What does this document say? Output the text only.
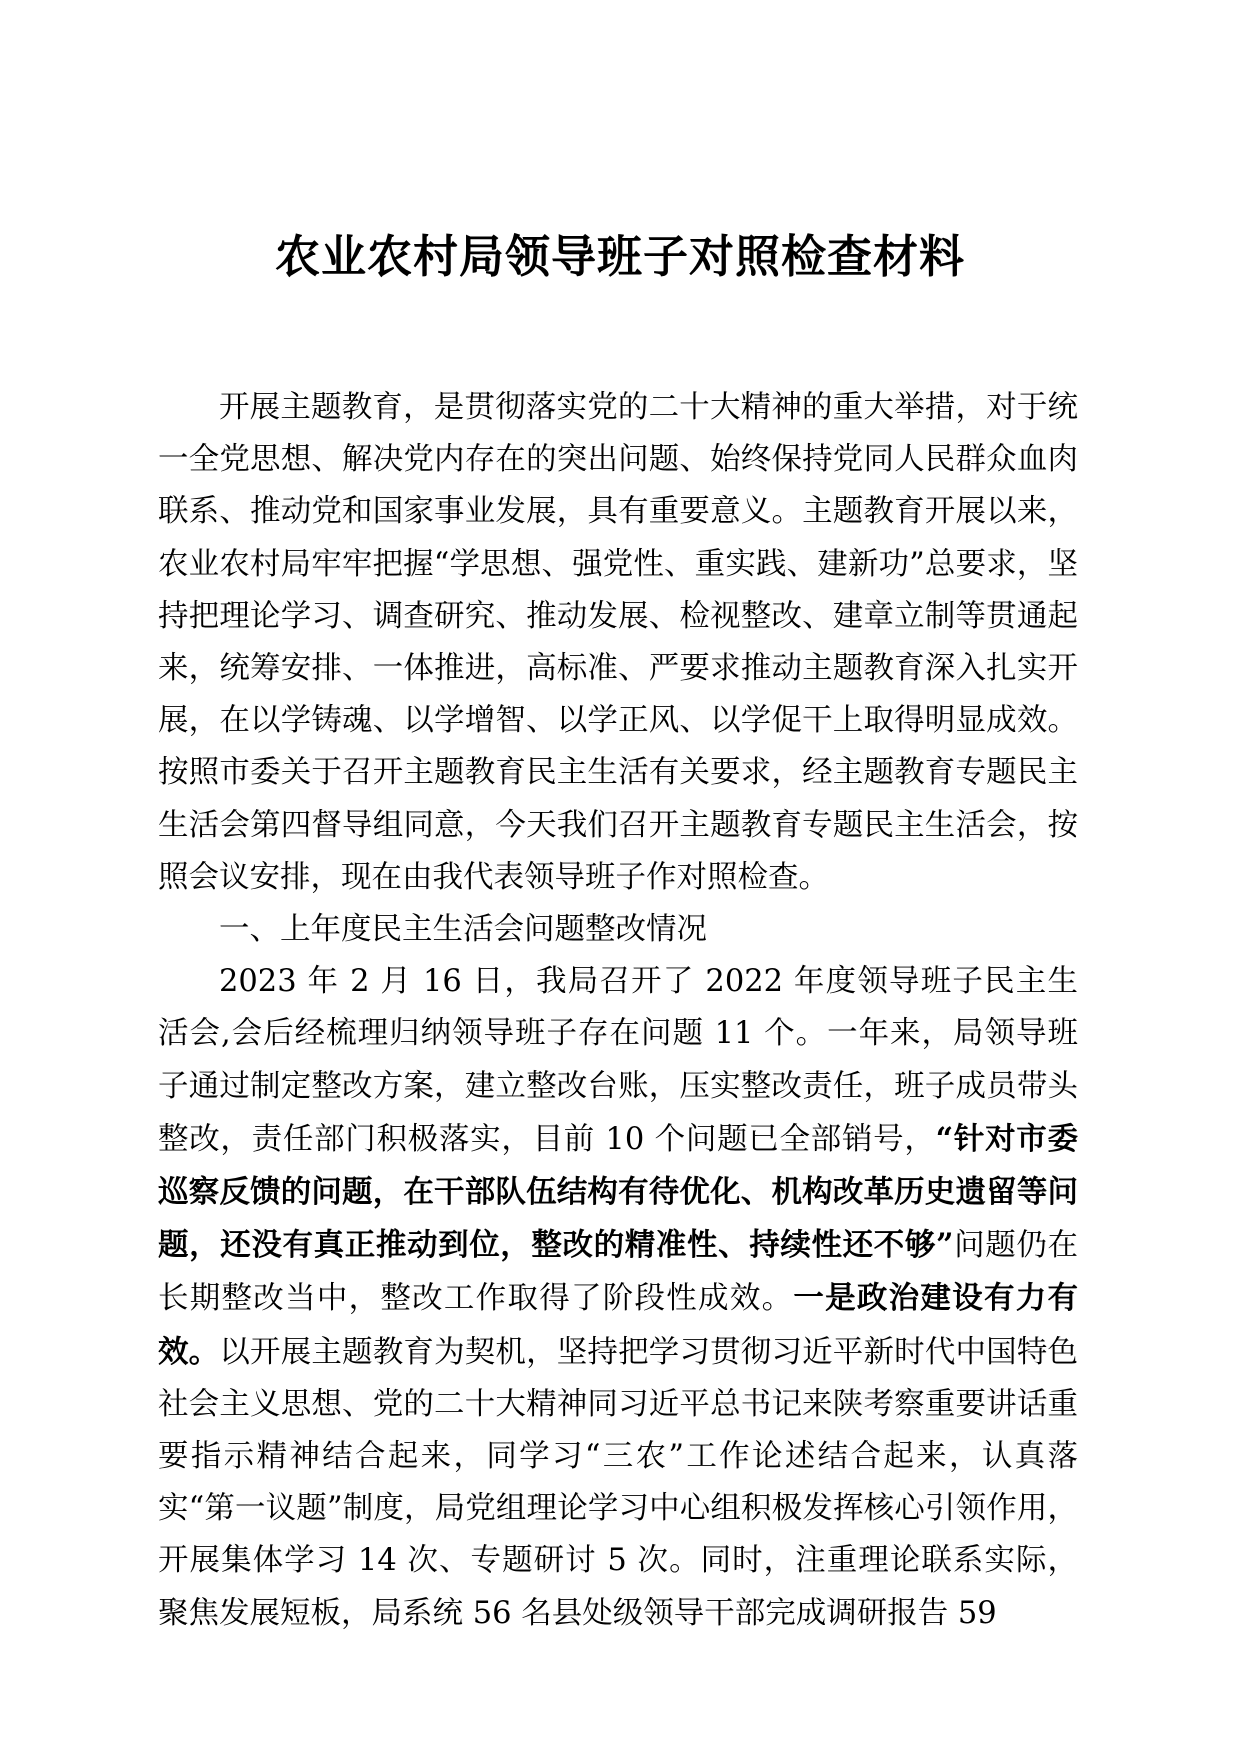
农业农村局领导班子对照检查材料

开展主题教育，是贯彻落实党的二十大精神的重大举措，对于统一全党思想、解决党内存在的突出问题、始终保持党同人民群众血肉联系、推动党和国家事业发展，具有重要意义。主题教育开展以来，农业农村局牢牢把握“学思想、强党性、重实践、建新功”总要求，坚持把理论学习、调查研究、推动发展、检视整改、建章立制等贯通起来，统筹安排、一体推进，高标准、严要求推动主题教育深入扎实开展，在以学铸魂、以学增智、以学正风、以学促干上取得明显成效。按照市委关于召开主题教育民主生活有关要求，经主题教育专题民主生活会第四督导组同意，今天我们召开主题教育专题民主生活会，按照会议安排，现在由我代表领导班子作对照检查。

一、上年度民主生活会问题整改情况

2023 年 2 月 16 日，我局召开了 2022 年度领导班子民主生活会,会后经梳理归纳领导班子存在问题 11 个。一年来，局领导班子通过制定整改方案，建立整改台账，压实整改责任，班子成员带头整改，责任部门积极落实，目前 10 个问题已全部销号，“针对市委巡察反馈的问题，在干部队伍结构有待优化、机构改革历史遗留等问题，还没有真正推动到位，整改的精准性、持续性还不够”问题仍在长期整改当中，整改工作取得了阶段性成效。一是政治建设有力有效。以开展主题教育为契机，坚持把学习贯彻习近平新时代中国特色社会主义思想、党的二十大精神同习近平总书记来陕考察重要讲话重要指示精神结合起来，同学习“三农”工作论述结合起来，认真落实“第一议题”制度，局党组理论学习中心组积极发挥核心引领作用，开展集体学习 14 次、专题研讨 5 次。同时，注重理论联系实际，聚焦发展短板，局系统 56 名县处级领导干部完成调研报告 59
